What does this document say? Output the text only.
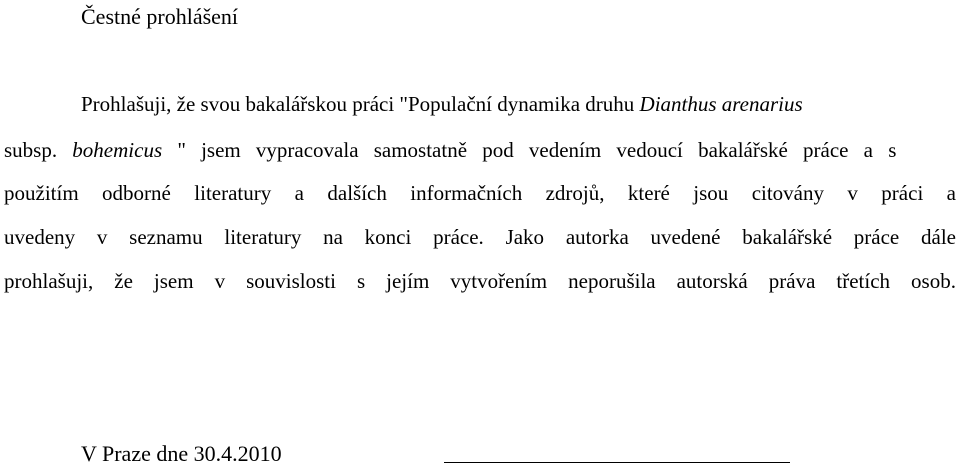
Čestné prohlášení
Prohlašuji, že svou bakalářskou práci "Populační dynamika druhu Dianthus arenarius
subsp. bohemicus " jsem vypracovala samostatně pod vedením vedoucí bakalářské práce a s
použitím odborné literatury a dalších informačních zdrojů, které jsou citovány v práci a
uvedeny v seznamu literatury na konci práce. Jako autorka uvedené bakalářské práce dále
prohlašuji, že jsem v souvislosti s jejím vytvořením neporušila autorská práva třetích osob.
V Praze dne 30.4.2010
